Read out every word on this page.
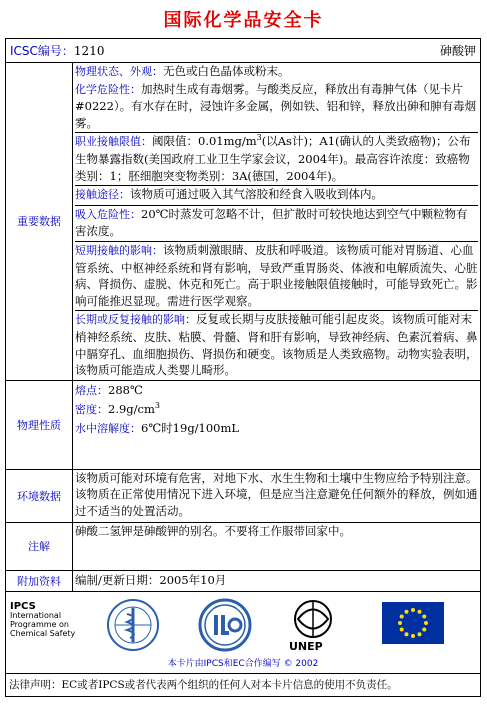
国际化学品安全卡
ICSC编号：1210	砷酸钾
重要数据
物理状态、外观：无色或白色晶体或粉末。
化学危险性：加热时生成有毒烟雾。与酸类反应，释放出有毒胂气体（见卡片#0222）。有水存在时，浸蚀许多金属，例如铁、铝和锌，释放出砷和胂有毒烟雾。
职业接触限值：阈限值：$0.01mg/m^3$(以As计)；A1(确认的人类致癌物)；公布生物暴露指数(美国政府工业卫生学家会议，2004年)。最高容许浓度：致癌物类别：1；胚细胞突变物类别：3A(德国，2004年)。
接触途径：该物质可通过吸入其气溶胶和经食入吸收到体内。
吸入危险性：20℃时蒸发可忽略不计，但扩散时可较快地达到空气中颗粒物有害浓度。
短期接触的影响：该物质刺激眼睛、皮肤和呼吸道。该物质可能对胃肠道、心血管系统、中枢神经系统和肾有影响，导致严重胃肠炎、体液和电解质流失、心脏病、肾损伤、虚脱、休克和死亡。高于职业接触限值接触时，可能导致死亡。影响可能推迟显现。需进行医学观察。
长期或反复接触的影响：反复或长期与皮肤接触可能引起皮炎。该物质可能对末梢神经系统、皮肤、粘膜、骨髓、肾和肝有影响，导致神经病、色素沉着病、鼻中膈穿孔、血细胞损伤、肾损伤和硬变。该物质是人类致癌物。动物实验表明，该物质可能造成人类婴儿畸形。
物理性质
熔点：288℃
密度：$2.9g/cm^3$
水中溶解度：6℃时19g/100mL
环境数据
该物质可能对环境有危害，对地下水、水生生物和土壤中生物应给予特别注意。该物质在正常使用情况下进入环境，但是应当注意避免任何额外的释放，例如通过不适当的处置活动。
注解
砷酸二氢钾是砷酸钾的别名。不要将工作服带回家中。
附加资料	编制/更新日期：2005年10月
IPCS
International
Programme on
Chemical Safety
UNEP
本卡片由IPCS和EC合作编写 © 2002
法律声明： EC或者IPCS或者代表两个组织的任何人对本卡片信息的使用不负责任。
